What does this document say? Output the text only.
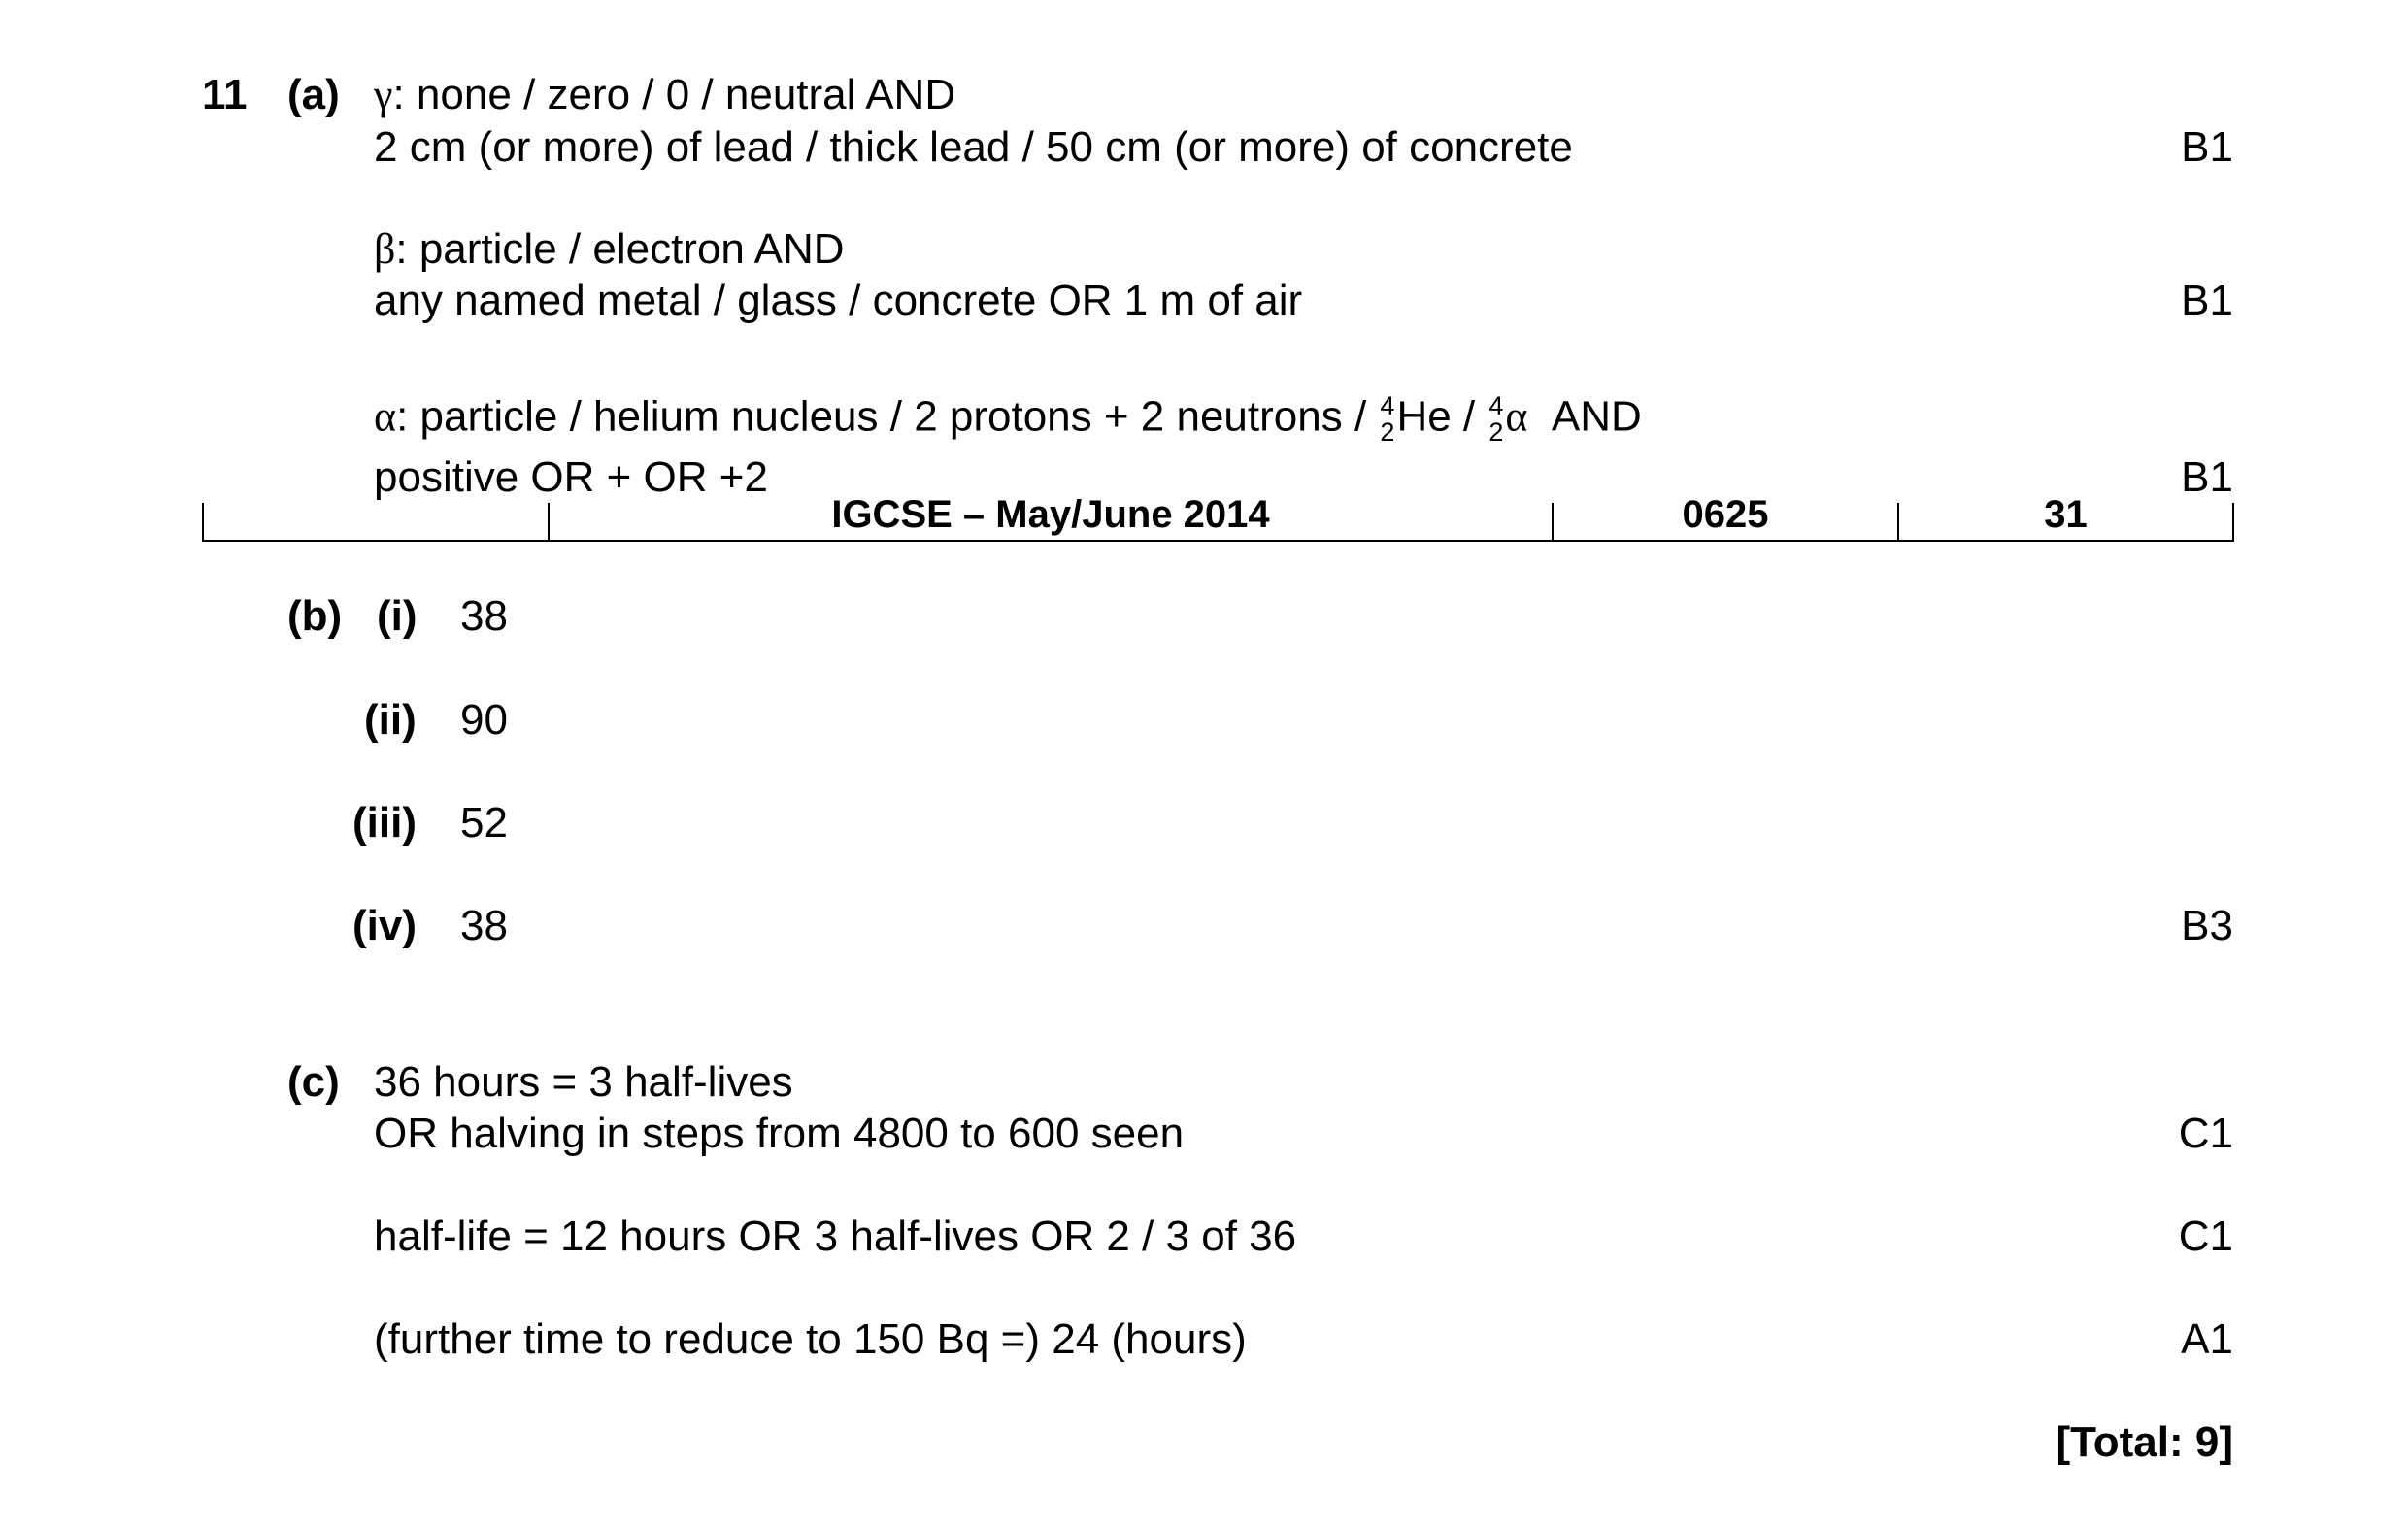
11 (a) γ: none / zero / 0 / neutral AND
2 cm (or more) of lead / thick lead / 50 cm (or more) of concrete	B1
β: particle / electron AND
any named metal / glass / concrete OR 1 m of air	B1
α: particle / helium nucleus / 2 protons + 2 neutrons / 4
2 He / 4
2 α AND
positive OR + OR +2	B1
IGCSE – May/June 2014	0625	31
(b) (i) 38
(ii) 90
(iii) 52
(iv) 38	B3
(c) 36 hours = 3 half-lives
OR halving in steps from 4800 to 600 seen	C1
half-life = 12 hours OR 3 half-lives OR 2 / 3 of 36	C1
(further time to reduce to 150 Bq =) 24 (hours)	A1
[Total: 9]
